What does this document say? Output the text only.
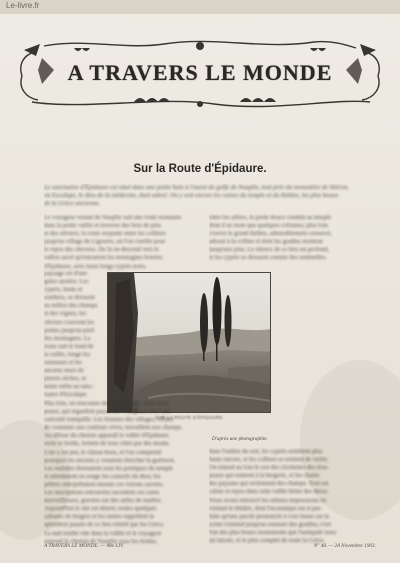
Le-livre.fr
A TRAVERS LE MONDE
Sur la Route d'Épidaure.
Le sanctuaire d'Épidaure est situé dans une petite baie à l'ouest du golfe de Nauplie, tout près du monastère de Hiéron,
où Esculape, le dieu de la médecine, était adoré. On y voit encore les ruines du temple et du théâtre, les plus beaux
de la Grèce ancienne.
Le voyageur venant de Nauplie suit une route montante
dans la petite vallée et traverse des bois de pins
et des oliviers; la route serpente entre les collines
jusqu'au village de Ligourio, où l'on s'arrête pour
le repos des chevaux. De là on descend vers le
vallon sacré qu'entourent les montagnes boisées
d'Épidaure, avec leurs longs cyprès noirs.
entre les arbres, la pente douce conduit au temple
dont il ne reste que quelques colonnes; plus loin
s'ouvre le grand théâtre, admirablement conservé,
adossé à la colline et dont les gradins montent
jusqu'aux pins. Le silence de ce lieu est profond,
et les cyprès se dressent comme des sentinelles.
paysage est d'une
grâce austère. Les
cyprès, hauts et
sombres, se dressent
au milieu des champs
et des vignes; les
oliviers couvrent les
pentes jusqu'au pied
des montagnes. La
route suit le fond de
la vallée, longe les
ruisseaux et les
anciens murs de
pierres sèches, et
mène enfin au sanc-
tuaire d'Esculape.
SUR LA ROUTE D'ÉPIDAURE
D'après une photographie.
Plus loin, on rencontre des bergers avec leurs trou-
peaux, qui regardent passer les voyageurs avec une
curiosité tranquille. Les femmes des villages, vêtues
de costumes aux couleurs vives, travaillent aux champs.
Au détour du chemin apparaît la vallée d'Épidaure,
verte et fertile, fermée de tous côtés par des monts.
L'air y est pur, le climat doux, et l'on comprend
pourquoi les anciens y venaient chercher la guérison.
Les malades dormaient sous les portiques du temple
et attendaient en songe les conseils du dieu; les
prêtres interprétaient ensuite ces visions sacrées.
Les inscriptions retrouvées racontent ces cures
merveilleuses, gravées sur des stèles de marbre.
Aujourd'hui le site est désert; seules quelques
cabanes de bergers et les ruines rappellent la
splendeur passée de ce lieu vénéré par les Grecs.
La nuit tombe vite dans la vallée et le voyageur
reprend le chemin de Nauplie sous les étoiles.
dans l'ombre du soir, les cyprès semblent plus
hauts encore, et les collines se teintent de violet.
On entend au loin le son des clochettes des trou-
peaux qui rentrent à la bergerie, et les chants
des paysans qui reviennent des champs. Tout est
calme et repos dans cette vallée bénie des dieux.
Nous avons retrouvé les mêmes impressions en
visitant le théâtre, dont l'acoustique est si par-
faite qu'une parole prononcée à voix basse sur la
scène s'entend jusqu'au sommet des gradins; c'est
l'un des plus beaux monuments que l'antiquité nous
ait laissés, et le plus complet de toute la Grèce.
A TRAVERS LE MONDE. — 48e LIV.	N° 48. — 28 Novembre 1903.
